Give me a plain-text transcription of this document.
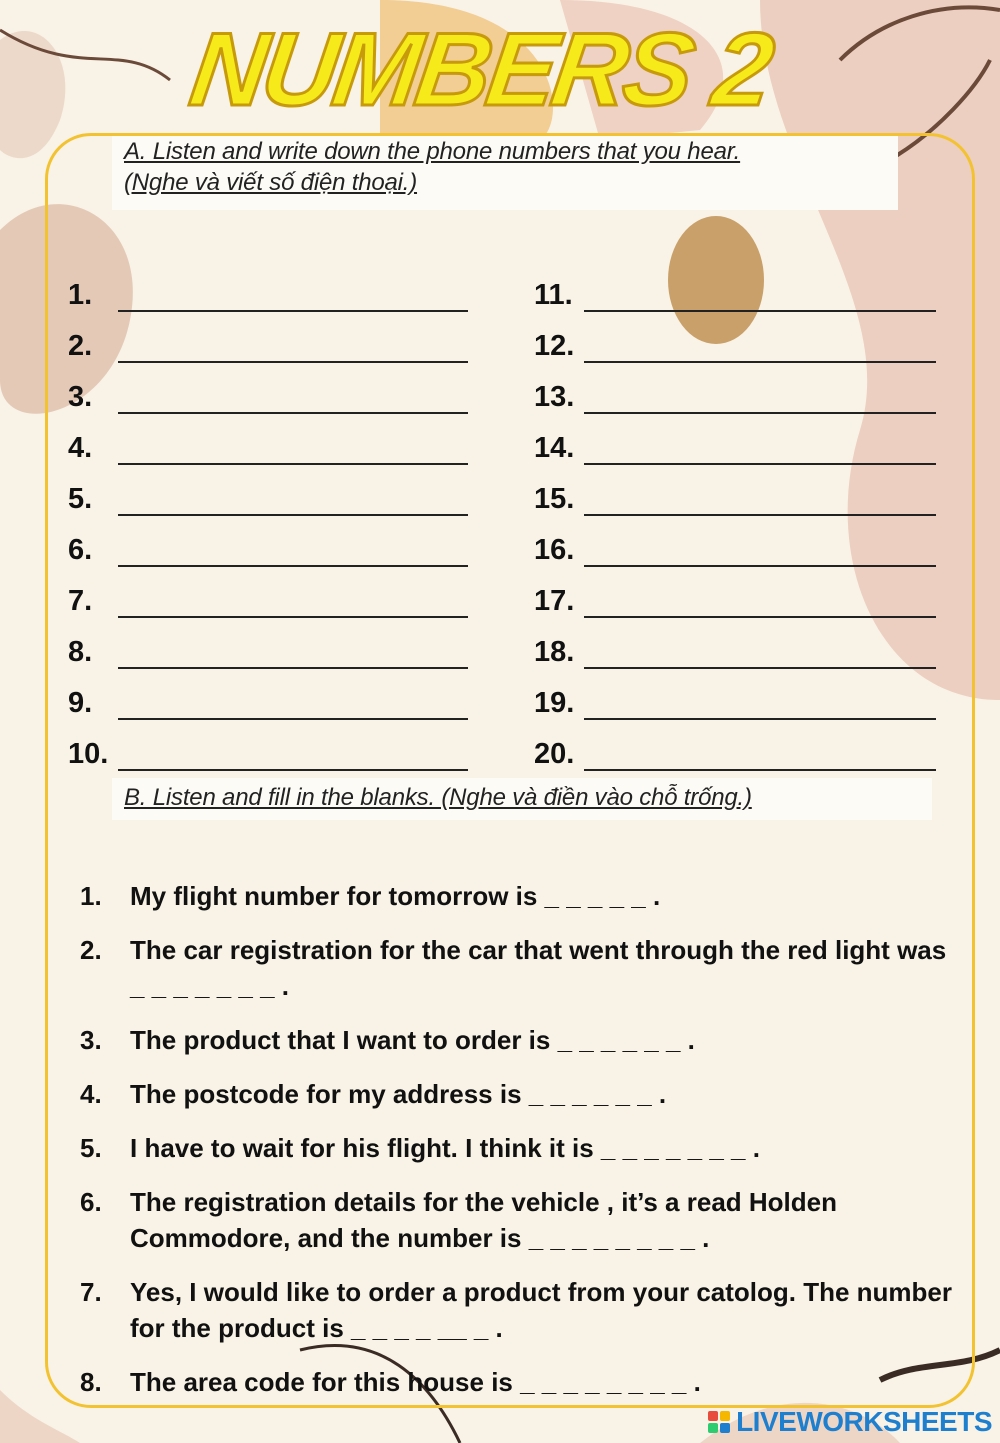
NUMBERS 2
A. Listen and write down the phone numbers that you hear.
(Nghe và viết số điện thoại.)
1.
2.
3.
4.
5.
6.
7.
8.
9.
10.
11.
12.
13.
14.
15.
16.
17.
18.
19.
20.
B. Listen and fill in the blanks. (Nghe và điền vào chỗ trống.)
1.	My flight number for tomorrow is _ _ _ _ _ .
2.	The car registration for the car that went through the red light was _ _ _ _ _ _ _ .
3.	The product that I want to order is _ _ _ _ _ _ .
4.	The postcode for my address is _ _ _ _ _ _ .
5.	I have to wait for his flight. I think it is _ _ _ _ _ _ _ .
6.	The registration details for the vehicle , it’s a read Holden Commodore, and the number is _ _ _ _ _ _ _ _ .
7.	Yes, I would like to order a product from your catolog. The number for the product is _ _ _ _ __ _ .
8.	The area code for this house is _ _ _ _ _ _ _ _ .
LIVEWORKSHEETS
